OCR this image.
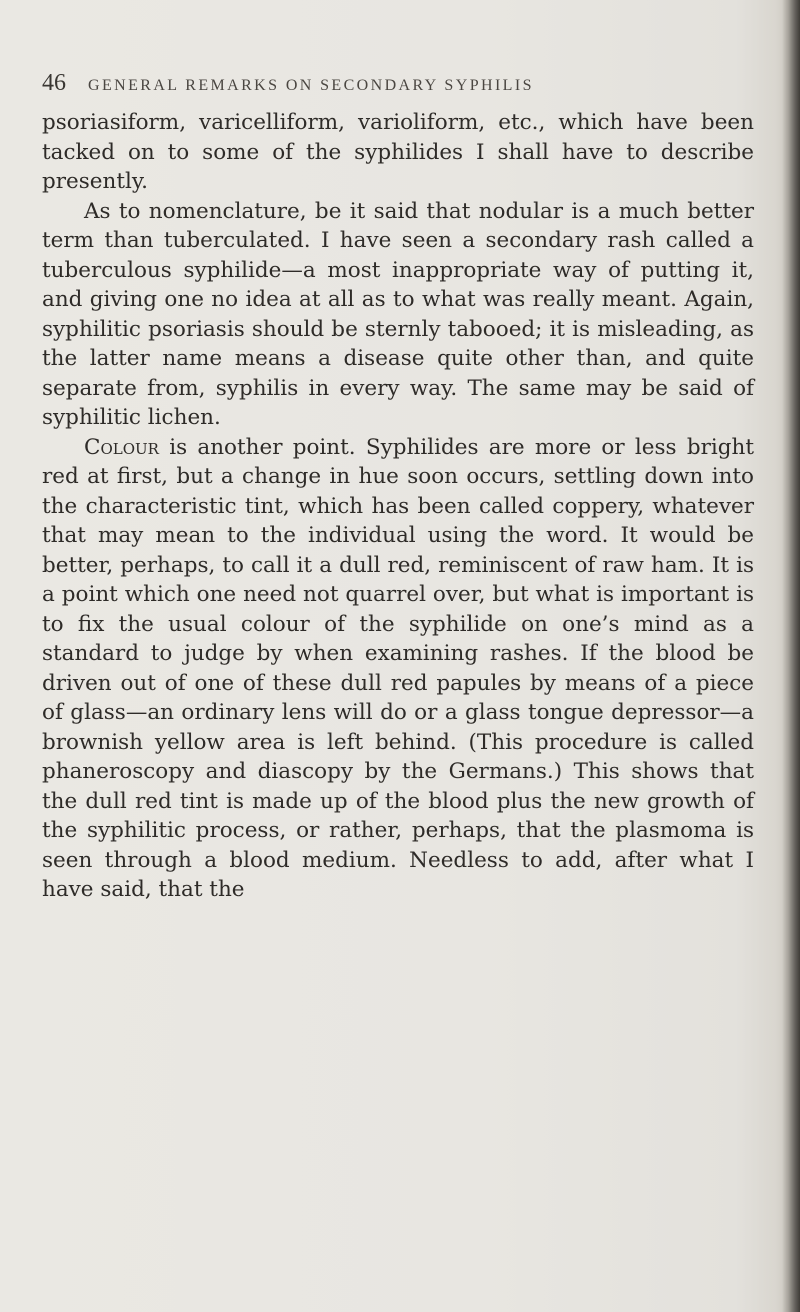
46	GENERAL REMARKS ON SECONDARY SYPHILIS

psoriasiform, varicelliform, varioliform, etc., which have been tacked on to some of the syphilides I shall have to describe presently.

As to nomenclature, be it said that nodular is a much better term than tuberculated. I have seen a secondary rash called a tuberculous syphilide—a most inappropriate way of putting it, and giving one no idea at all as to what was really meant. Again, syphilitic psoriasis should be sternly tabooed; it is misleading, as the latter name means a disease quite other than, and quite separate from, syphilis in every way. The same may be said of syphilitic lichen.

Colour is another point. Syphilides are more or less bright red at first, but a change in hue soon occurs, settling down into the characteristic tint, which has been called coppery, whatever that may mean to the individual using the word. It would be better, perhaps, to call it a dull red, reminiscent of raw ham. It is a point which one need not quarrel over, but what is important is to fix the usual colour of the syphilide on one’s mind as a standard to judge by when examining rashes. If the blood be driven out of one of these dull red papules by means of a piece of glass—an ordinary lens will do or a glass tongue depressor—a brownish yellow area is left behind. (This procedure is called phaneroscopy and diascopy by the Germans.) This shows that the dull red tint is made up of the blood plus the new growth of the syphilitic process, or rather, perhaps, that the plasmoma is seen through a blood medium. Needless to add, after what I have said, that the
